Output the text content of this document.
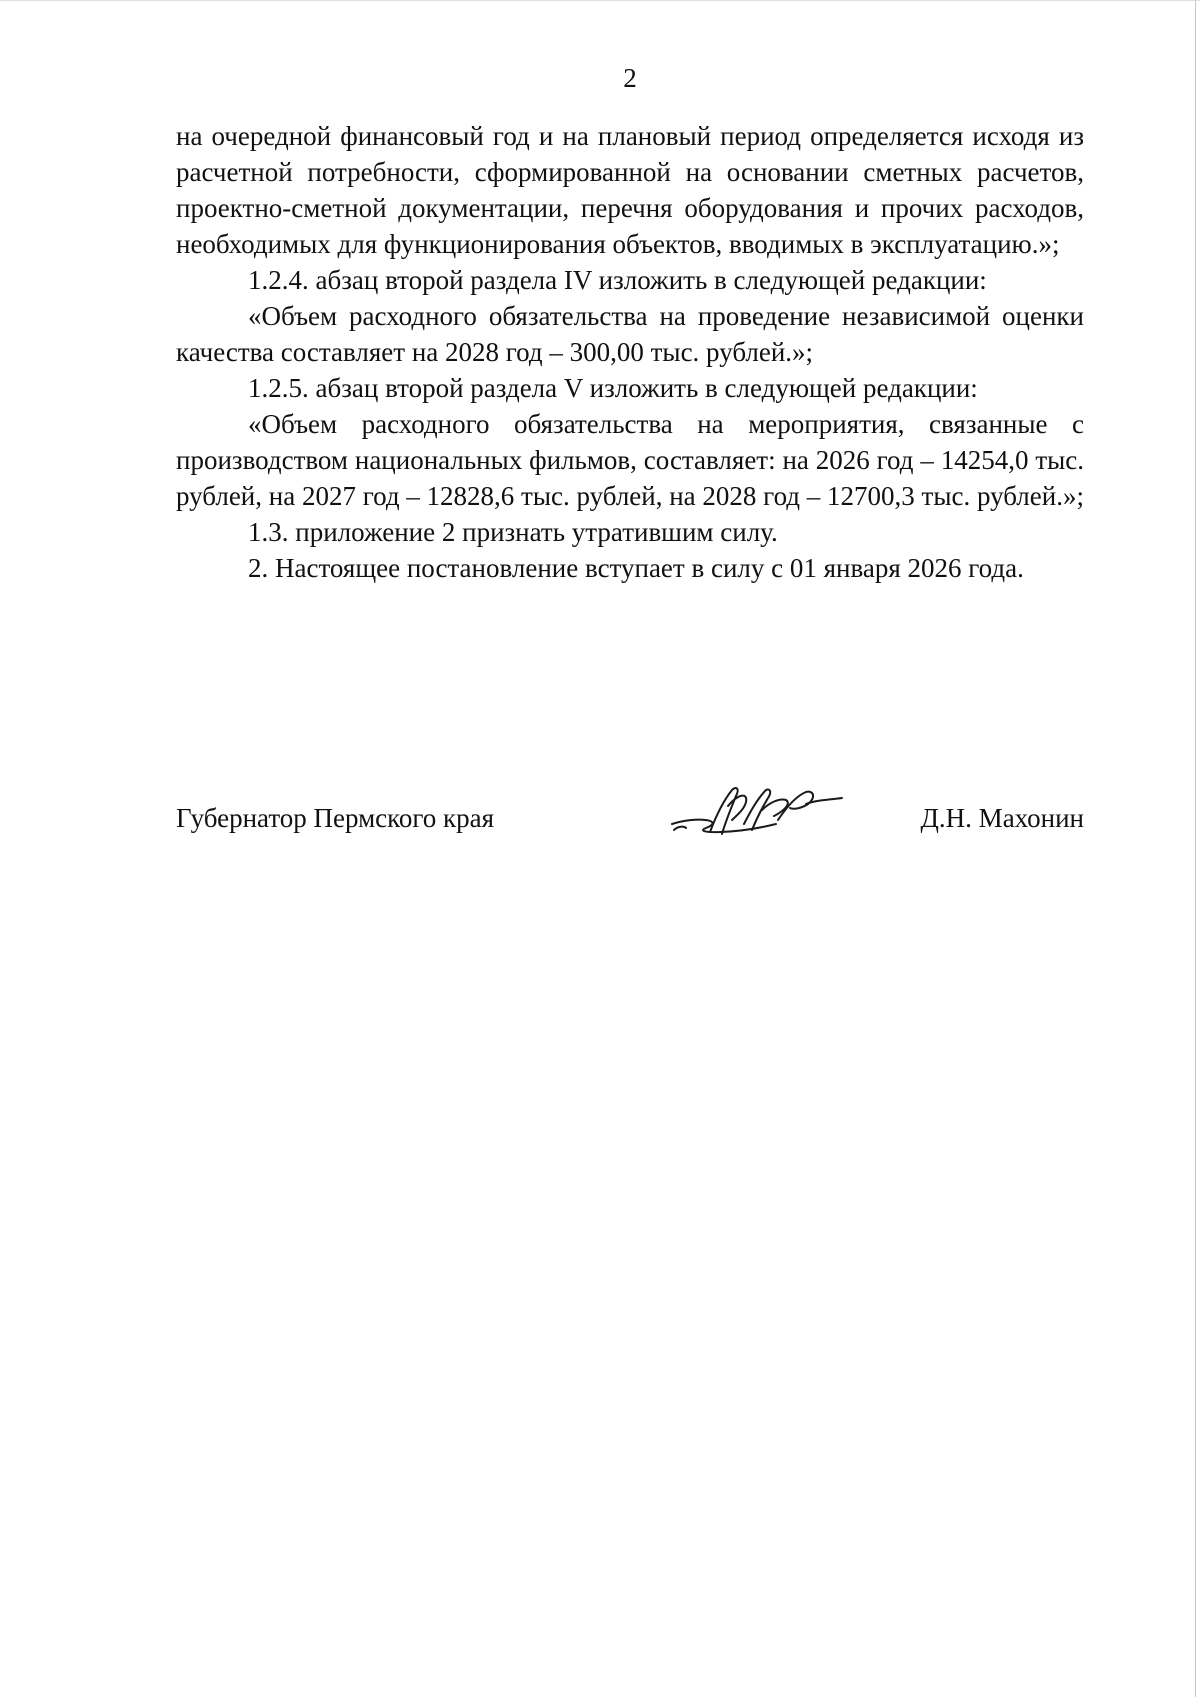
2

на очередной финансовый год и на плановый период определяется исходя из расчетной потребности, сформированной на основании сметных расчетов, проектно-сметной документации, перечня оборудования и прочих расходов, необходимых для функционирования объектов, вводимых в эксплуатацию.»;

1.2.4. абзац второй раздела IV изложить в следующей редакции:

«Объем расходного обязательства на проведение независимой оценки качества составляет на 2028 год – 300,00 тыс. рублей.»;

1.2.5. абзац второй раздела V изложить в следующей редакции:

«Объем расходного обязательства на мероприятия, связанные с производством национальных фильмов, составляет: на 2026 год – 14254,0 тыс. рублей, на 2027 год – 12828,6 тыс. рублей, на 2028 год – 12700,3 тыс. рублей.»;

1.3. приложение 2 признать утратившим силу.

2. Настоящее постановление вступает в силу с 01 января 2026 года.

Губернатор Пермского края	Д.Н. Махонин
